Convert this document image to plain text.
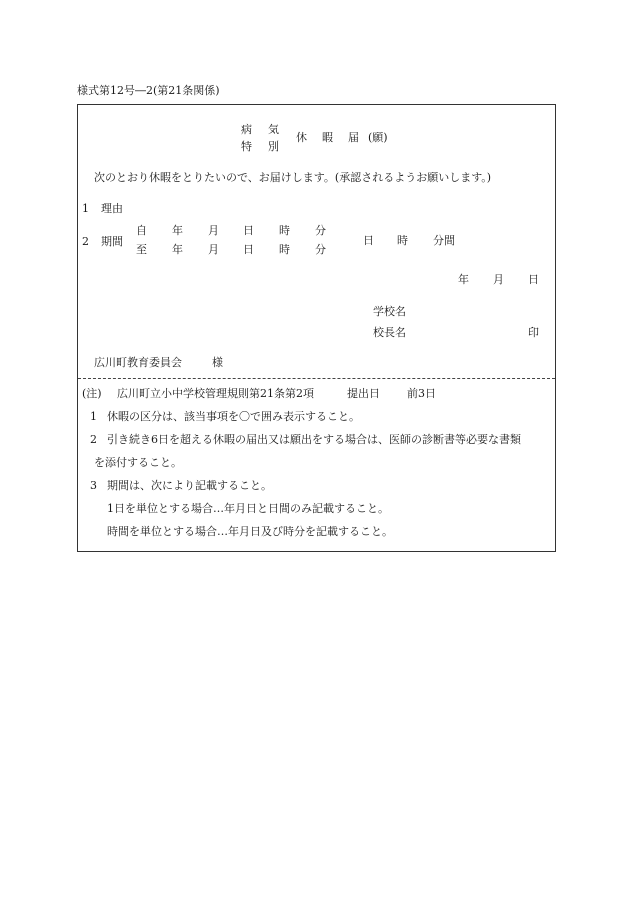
様式第12号―2(第21条関係)
病 気
特 別
休 暇 届 (願)
次のとおり休暇をとりたいので、お届けします。(承認されるようお願いします。)
1 理由
2 期間
自 年 月 日 時 分
至 年 月 日 時 分
日 時 分間
年 月 日
学校名
校長名	印
広川町教育委員会	様
(注) 広川町立小中学校管理規則第21条第2項	提出日 前3日
1 休暇の区分は、該当事項を〇で囲み表示すること。
2 引き続き6日を超える休暇の届出又は願出をする場合は、医師の診断書等必要な書類
を添付すること。
3 期間は、次により記載すること。
1日を単位とする場合…年月日と日間のみ記載すること。
時間を単位とする場合…年月日及び時分を記載すること。
